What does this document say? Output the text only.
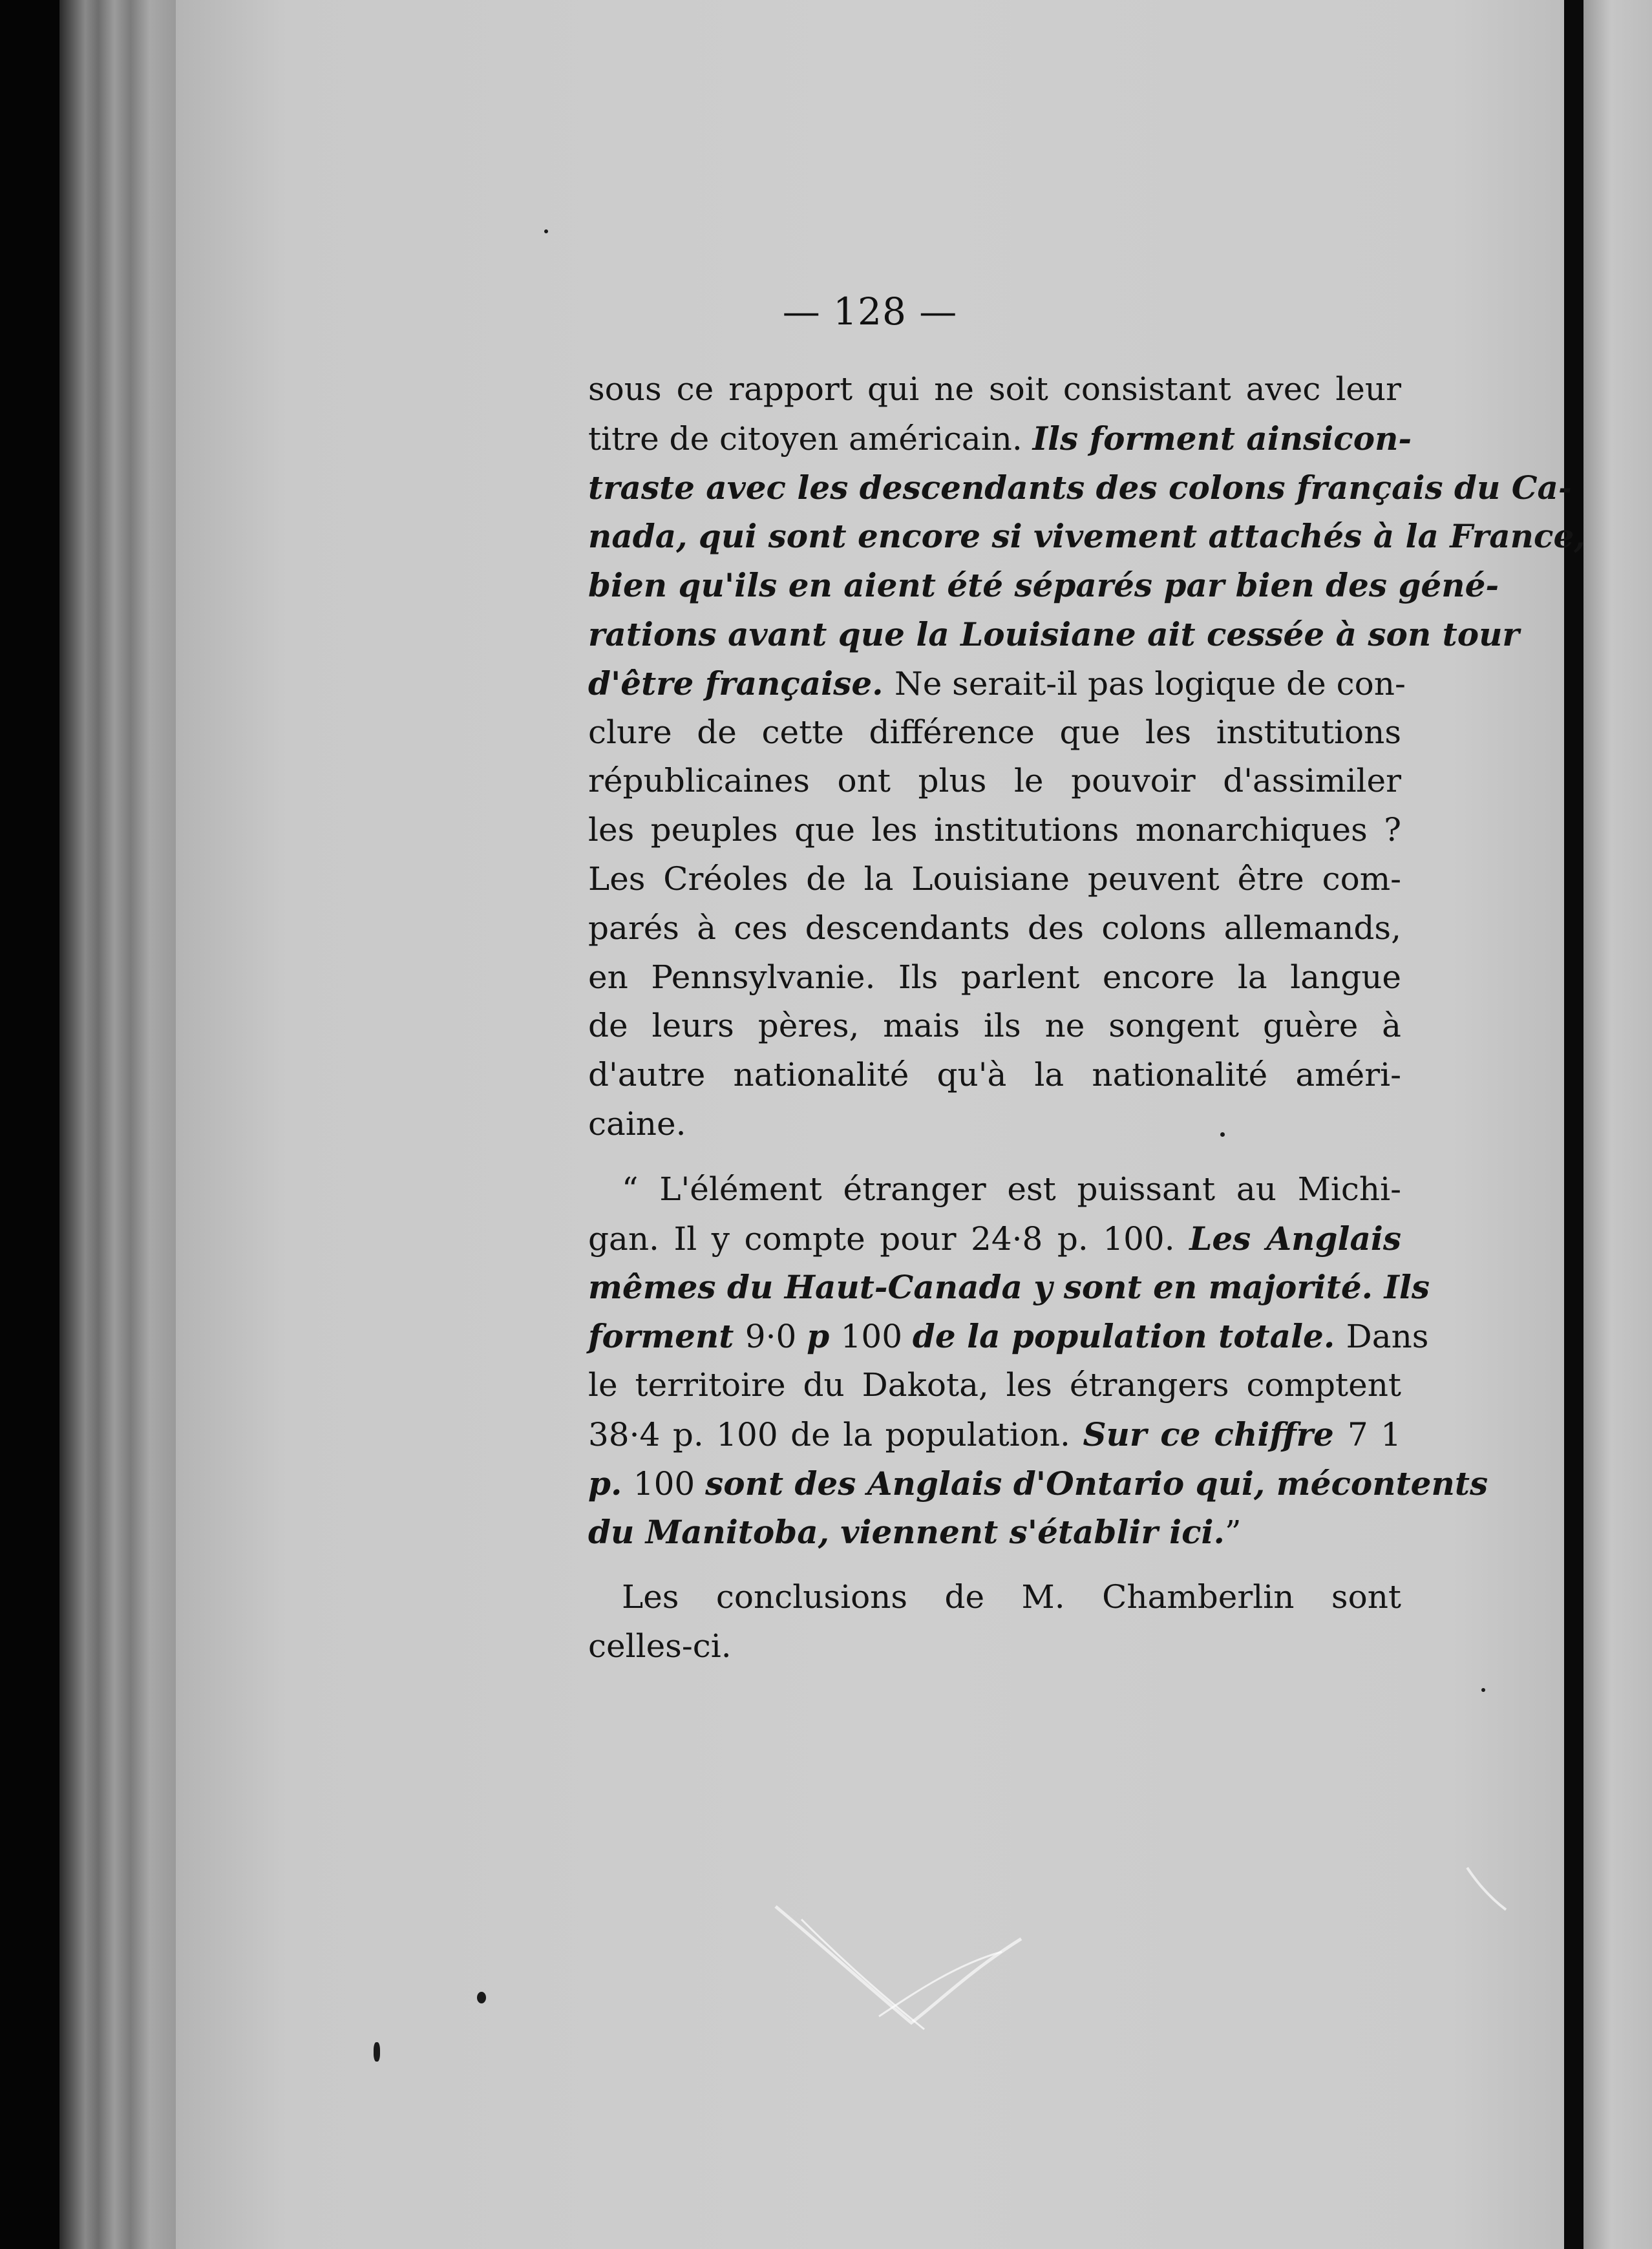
— 128 —
sous ce rapport qui ne soit consistant avec leur
titre de citoyen américain. Ils forment ainsicon-
traste avec les descendants des colons français du Ca-
nada, qui sont encore si vivement attachés à la France,
bien qu'ils en aient été séparés par bien des géné-
rations avant que la Louisiane ait cessée à son tour
d'être française. Ne serait-il pas logique de con-
clure de cette différence que les institutions
républicaines ont plus le pouvoir d'assimiler
les peuples que les institutions monarchiques ?
Les Créoles de la Louisiane peuvent être com-
parés à ces descendants des colons allemands,
en Pennsylvanie. Ils parlent encore la langue
de leurs pères, mais ils ne songent guère à
d'autre nationalité qu'à la nationalité améri-
caine.
“ L'élément étranger est puissant au Michi-
gan. Il y compte pour 24·8 p. 100. Les Anglais
mêmes du Haut-Canada y sont en majorité. Ils
forment 9·0 p 100 de la population totale. Dans
le territoire du Dakota, les étrangers comptent
38·4 p. 100 de la population. Sur ce chiffre 7 1
p. 100 sont des Anglais d'Ontario qui, mécontents
du Manitoba, viennent s'établir ici.”
Les conclusions de M. Chamberlin sont
celles-ci.
